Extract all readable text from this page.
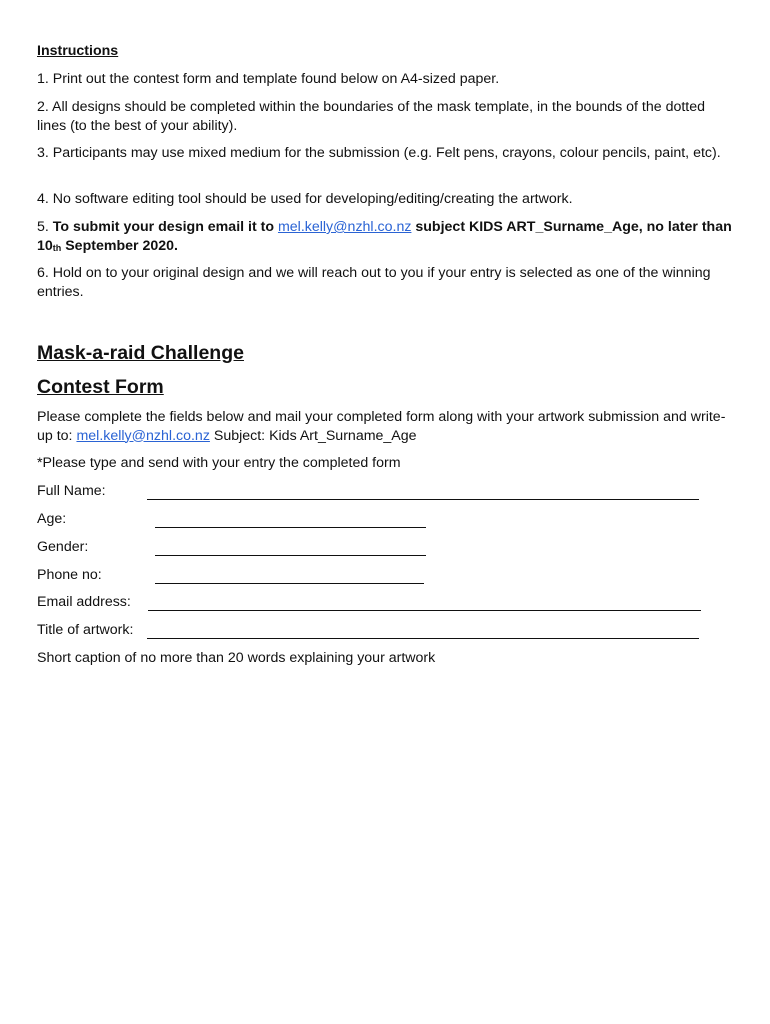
Instructions
1. Print out the contest form and template found below on A4-sized paper.
2. All designs should be completed within the boundaries of the mask template, in the bounds of the dotted lines (to the best of your ability).
3. Participants may use mixed medium for the submission (e.g. Felt pens, crayons, colour pencils, paint, etc).
4. No software editing tool should be used for developing/editing/creating the artwork.
5. To submit your design email it to mel.kelly@nzhl.co.nz subject KIDS ART_Surname_Age, no later than $10_{th}$ September 2020.
6. Hold on to your original design and we will reach out to you if your entry is selected as one of the winning entries.
Mask-a-raid Challenge
Contest Form
Please complete the fields below and mail your completed form along with your artwork submission and write-up to: mel.kelly@nzhl.co.nz Subject: Kids Art_Surname_Age
*Please type and send with your entry the completed form
Full Name:
Age:
Gender:
Phone no:
Email address:
Title of artwork:
Short caption of no more than 20 words explaining your artwork
